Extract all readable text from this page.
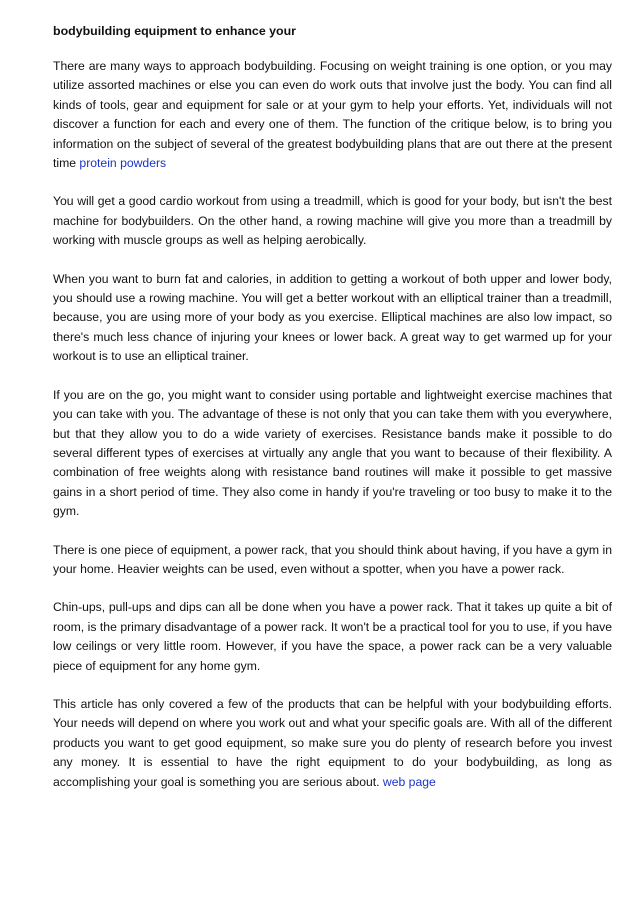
bodybuilding equipment to enhance your

There are many ways to approach bodybuilding. Focusing on weight training is one option, or you may utilize assorted machines or else you can even do work outs that involve just the body. You can find all kinds of tools, gear and equipment for sale or at your gym to help your efforts. Yet, individuals will not discover a function for each and every one of them. The function of the critique below, is to bring you information on the subject of several of the greatest bodybuilding plans that are out there at the present time protein powders

You will get a good cardio workout from using a treadmill, which is good for your body, but isn't the best machine for bodybuilders. On the other hand, a rowing machine will give you more than a treadmill by working with muscle groups as well as helping aerobically.

When you want to burn fat and calories, in addition to getting a workout of both upper and lower body, you should use a rowing machine. You will get a better workout with an elliptical trainer than a treadmill, because, you are using more of your body as you exercise. Elliptical machines are also low impact, so there's much less chance of injuring your knees or lower back. A great way to get warmed up for your workout is to use an elliptical trainer.

If you are on the go, you might want to consider using portable and lightweight exercise machines that you can take with you. The advantage of these is not only that you can take them with you everywhere, but that they allow you to do a wide variety of exercises. Resistance bands make it possible to do several different types of exercises at virtually any angle that you want to because of their flexibility. A combination of free weights along with resistance band routines will make it possible to get massive gains in a short period of time. They also come in handy if you're traveling or too busy to make it to the gym.

There is one piece of equipment, a power rack, that you should think about having, if you have a gym in your home. Heavier weights can be used, even without a spotter, when you have a power rack.

Chin-ups, pull-ups and dips can all be done when you have a power rack. That it takes up quite a bit of room, is the primary disadvantage of a power rack. It won't be a practical tool for you to use, if you have low ceilings or very little room. However, if you have the space, a power rack can be a very valuable piece of equipment for any home gym.

This article has only covered a few of the products that can be helpful with your bodybuilding efforts. Your needs will depend on where you work out and what your specific goals are. With all of the different products you want to get good equipment, so make sure you do plenty of research before you invest any money. It is essential to have the right equipment to do your bodybuilding, as long as accomplishing your goal is something you are serious about. web page
